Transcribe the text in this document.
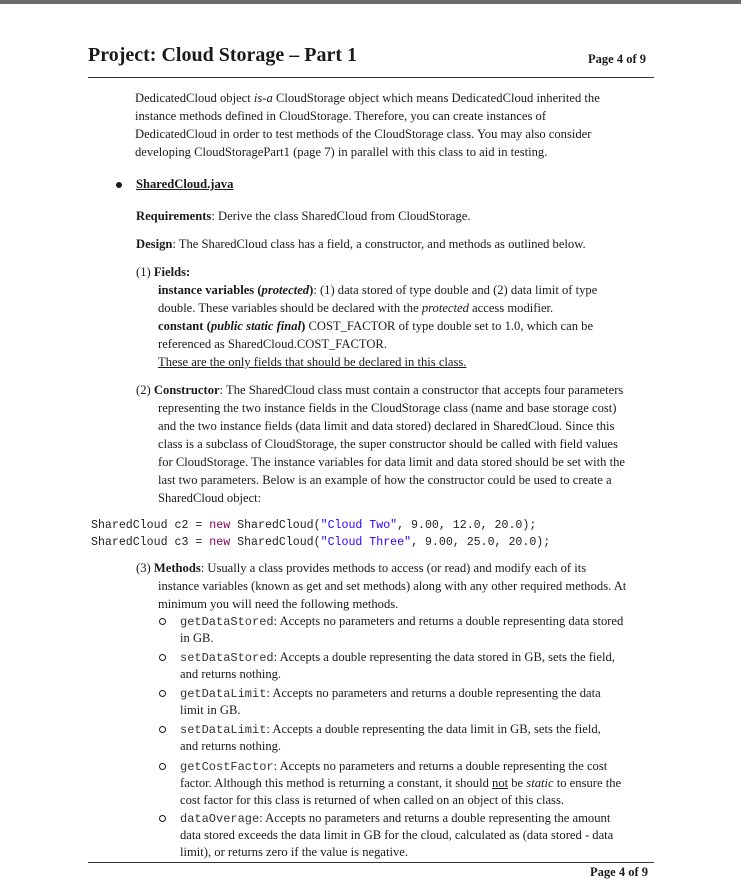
Project: Cloud Storage – Part 1	Page 4 of 9

DedicatedCloud object is-a CloudStorage object which means DedicatedCloud inherited the

instance methods defined in CloudStorage. Therefore, you can create instances of

DedicatedCloud in order to test methods of the CloudStorage class. You may also consider

developing CloudStoragePart1 (page 7) in parallel with this class to aid in testing.

SharedCloud.java

Requirements: Derive the class SharedCloud from CloudStorage.

Design: The SharedCloud class has a field, a constructor, and methods as outlined below.

(1) Fields:

instance variables (protected): (1) data stored of type double and (2) data limit of type

double. These variables should be declared with the protected access modifier.

constant (public static final) COST_FACTOR of type double set to 1.0, which can be

referenced as SharedCloud.COST_FACTOR.

These are the only fields that should be declared in this class.

(2) Constructor: The SharedCloud class must contain a constructor that accepts four parameters

representing the two instance fields in the CloudStorage class (name and base storage cost)

and the two instance fields (data limit and data stored) declared in SharedCloud. Since this

class is a subclass of CloudStorage, the super constructor should be called with field values

for CloudStorage. The instance variables for data limit and data stored should be set with the

last two parameters. Below is an example of how the constructor could be used to create a

SharedCloud object:

SharedCloud c2 = new SharedCloud("Cloud Two", 9.00, 12.0, 20.0);
SharedCloud c3 = new SharedCloud("Cloud Three", 9.00, 25.0, 20.0);

(3) Methods: Usually a class provides methods to access (or read) and modify each of its

instance variables (known as get and set methods) along with any other required methods. At

minimum you will need the following methods.

getDataStored: Accepts no parameters and returns a double representing data stored

in GB.

setDataStored: Accepts a double representing the data stored in GB, sets the field,

and returns nothing.

getDataLimit: Accepts no parameters and returns a double representing the data

limit in GB.

setDataLimit: Accepts a double representing the data limit in GB, sets the field,

and returns nothing.

getCostFactor: Accepts no parameters and returns a double representing the cost

factor. Although this method is returning a constant, it should not be static to ensure the

cost factor for this class is returned of when called on an object of this class.

dataOverage: Accepts no parameters and returns a double representing the amount

data stored exceeds the data limit in GB for the cloud, calculated as (data stored - data

limit), or returns zero if the value is negative.

Page 4 of 9
